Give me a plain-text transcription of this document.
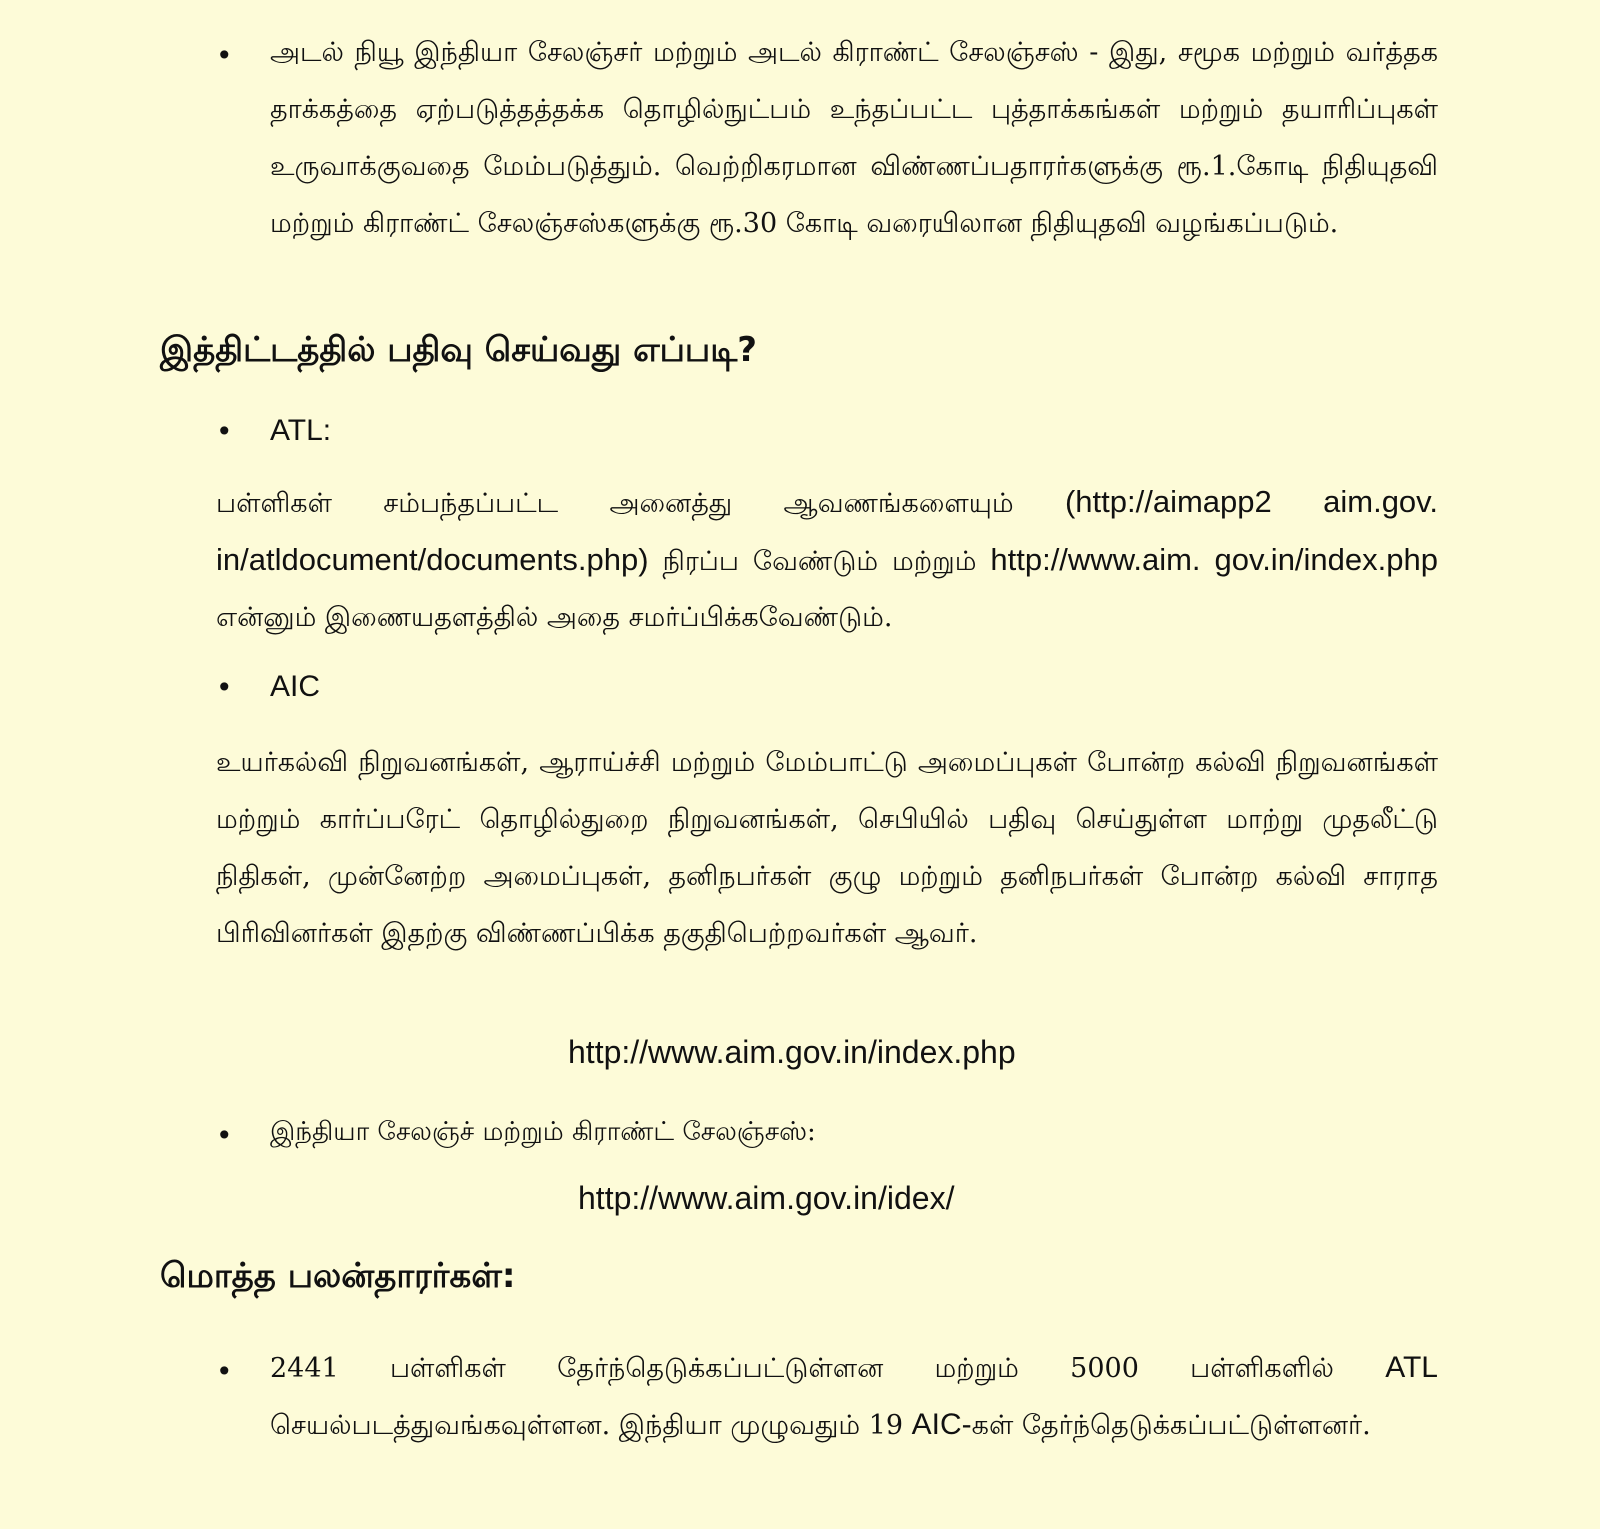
• அடல் நியூ இந்தியா சேலஞ்சர் மற்றும் அடல் கிராண்ட் சேலஞ்சஸ் - இது, சமூக மற்றும் வர்த்தக தாக்கத்தை ஏற்படுத்தத்தக்க தொழில்நுட்பம் உந்தப்பட்ட புத்தாக்கங்கள் மற்றும் தயாரிப்புகள் உருவாக்குவதை மேம்படுத்தும். வெற்றிகரமான விண்ணப்பதாரர்களுக்கு ரூ.1.கோடி நிதியுதவி மற்றும் கிராண்ட் சேலஞ்சஸ்களுக்கு ரூ.30 கோடி வரையிலான நிதியுதவி வழங்கப்படும்.

இத்திட்டத்தில் பதிவு செய்வது எப்படி?
• ATL:

பள்ளிகள் சம்பந்தப்பட்ட அனைத்து ஆவணங்களையும் (http://aimapp2 aim.gov. in/atldocument/documents.php) நிரப்ப வேண்டும் மற்றும் http://www.aim. gov.in/index.php என்னும் இணையதளத்தில் அதை சமர்ப்பிக்கவேண்டும்.

• AIC

உயர்கல்வி நிறுவனங்கள், ஆராய்ச்சி மற்றும் மேம்பாட்டு அமைப்புகள் போன்ற கல்வி நிறுவனங்கள் மற்றும் கார்ப்பரேட் தொழில்துறை நிறுவனங்கள், செபியில் பதிவு செய்துள்ள மாற்று முதலீட்டு நிதிகள், முன்னேற்ற அமைப்புகள், தனிநபர்கள் குழு மற்றும் தனிநபர்கள் போன்ற கல்வி சாராத பிரிவினர்கள் இதற்கு விண்ணப்பிக்க தகுதிபெற்றவர்கள் ஆவர்.

http://www.aim.gov.in/index.php
• இந்தியா சேலஞ்ச் மற்றும் கிராண்ட் சேலஞ்சஸ்:
http://www.aim.gov.in/idex/
மொத்த பலன்தாரர்கள்:
• 2441 பள்ளிகள் தேர்ந்தெடுக்கப்பட்டுள்ளன மற்றும் 5000 பள்ளிகளில் ATL செயல்படத்துவங்கவுள்ளன. இந்தியா முழுவதும் 19 AIC-கள் தேர்ந்தெடுக்கப்பட்டுள்ளனர்.
